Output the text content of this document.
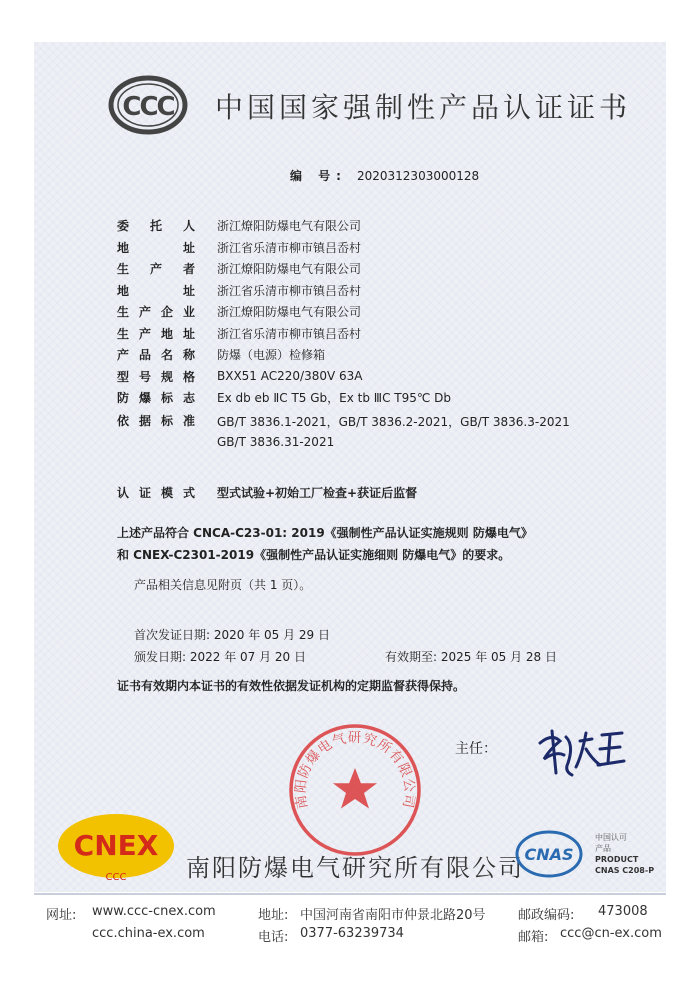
CCC 中国国家强制性产品认证证书
编 号: 2020312303000128
委 托 人 浙江燎阳防爆电气有限公司
地	址 浙江省乐清市柳市镇吕岙村
生 产 者 浙江燎阳防爆电气有限公司
地	址 浙江省乐清市柳市镇吕岙村
生 产 企 业 浙江燎阳防爆电气有限公司
生 产 地 址 浙江省乐清市柳市镇吕岙村
产 品 名 称 防爆（电源）检修箱
型 号 规 格 BXX51 AC220/380V 63A
防 爆 标 志 Ex db eb ⅡC T5 Gb，Ex tb ⅢC T95℃ Db
依 据 标 准 GB/T 3836.1-2021，GB/T 3836.2-2021，GB/T 3836.3-2021
GB/T 3836.31-2021
认 证 模 式 型式试验+初始工厂检查+获证后监督
上述产品符合 CNCA-C23-01: 2019《强制性产品认证实施规则 防爆电气》
和 CNEX-C2301-2019《强制性产品认证实施细则 防爆电气》的要求。
产品相关信息见附页（共 1 页）。
首次发证日期: 2020 年 05 月 29 日
颁发日期: 2022 年 07 月 20 日	有效期至: 2025 年 05 月 28 日
证书有效期内本证书的有效性依据发证机构的定期监督获得保持。
主任：
南阳防爆电气研究所有限公司
CNEX
CCC 南阳防爆电气研究所有限公司 CNAS
中国认可
产品
PRODUCT
CNAS C208-P
网址: www.ccc-cnex.com
ccc.china-ex.com
地址: 中国河南省南阳市仲景北路20号
电话: 0377-63239734
邮政编码: 473008
邮箱: ccc@cn-ex.com
